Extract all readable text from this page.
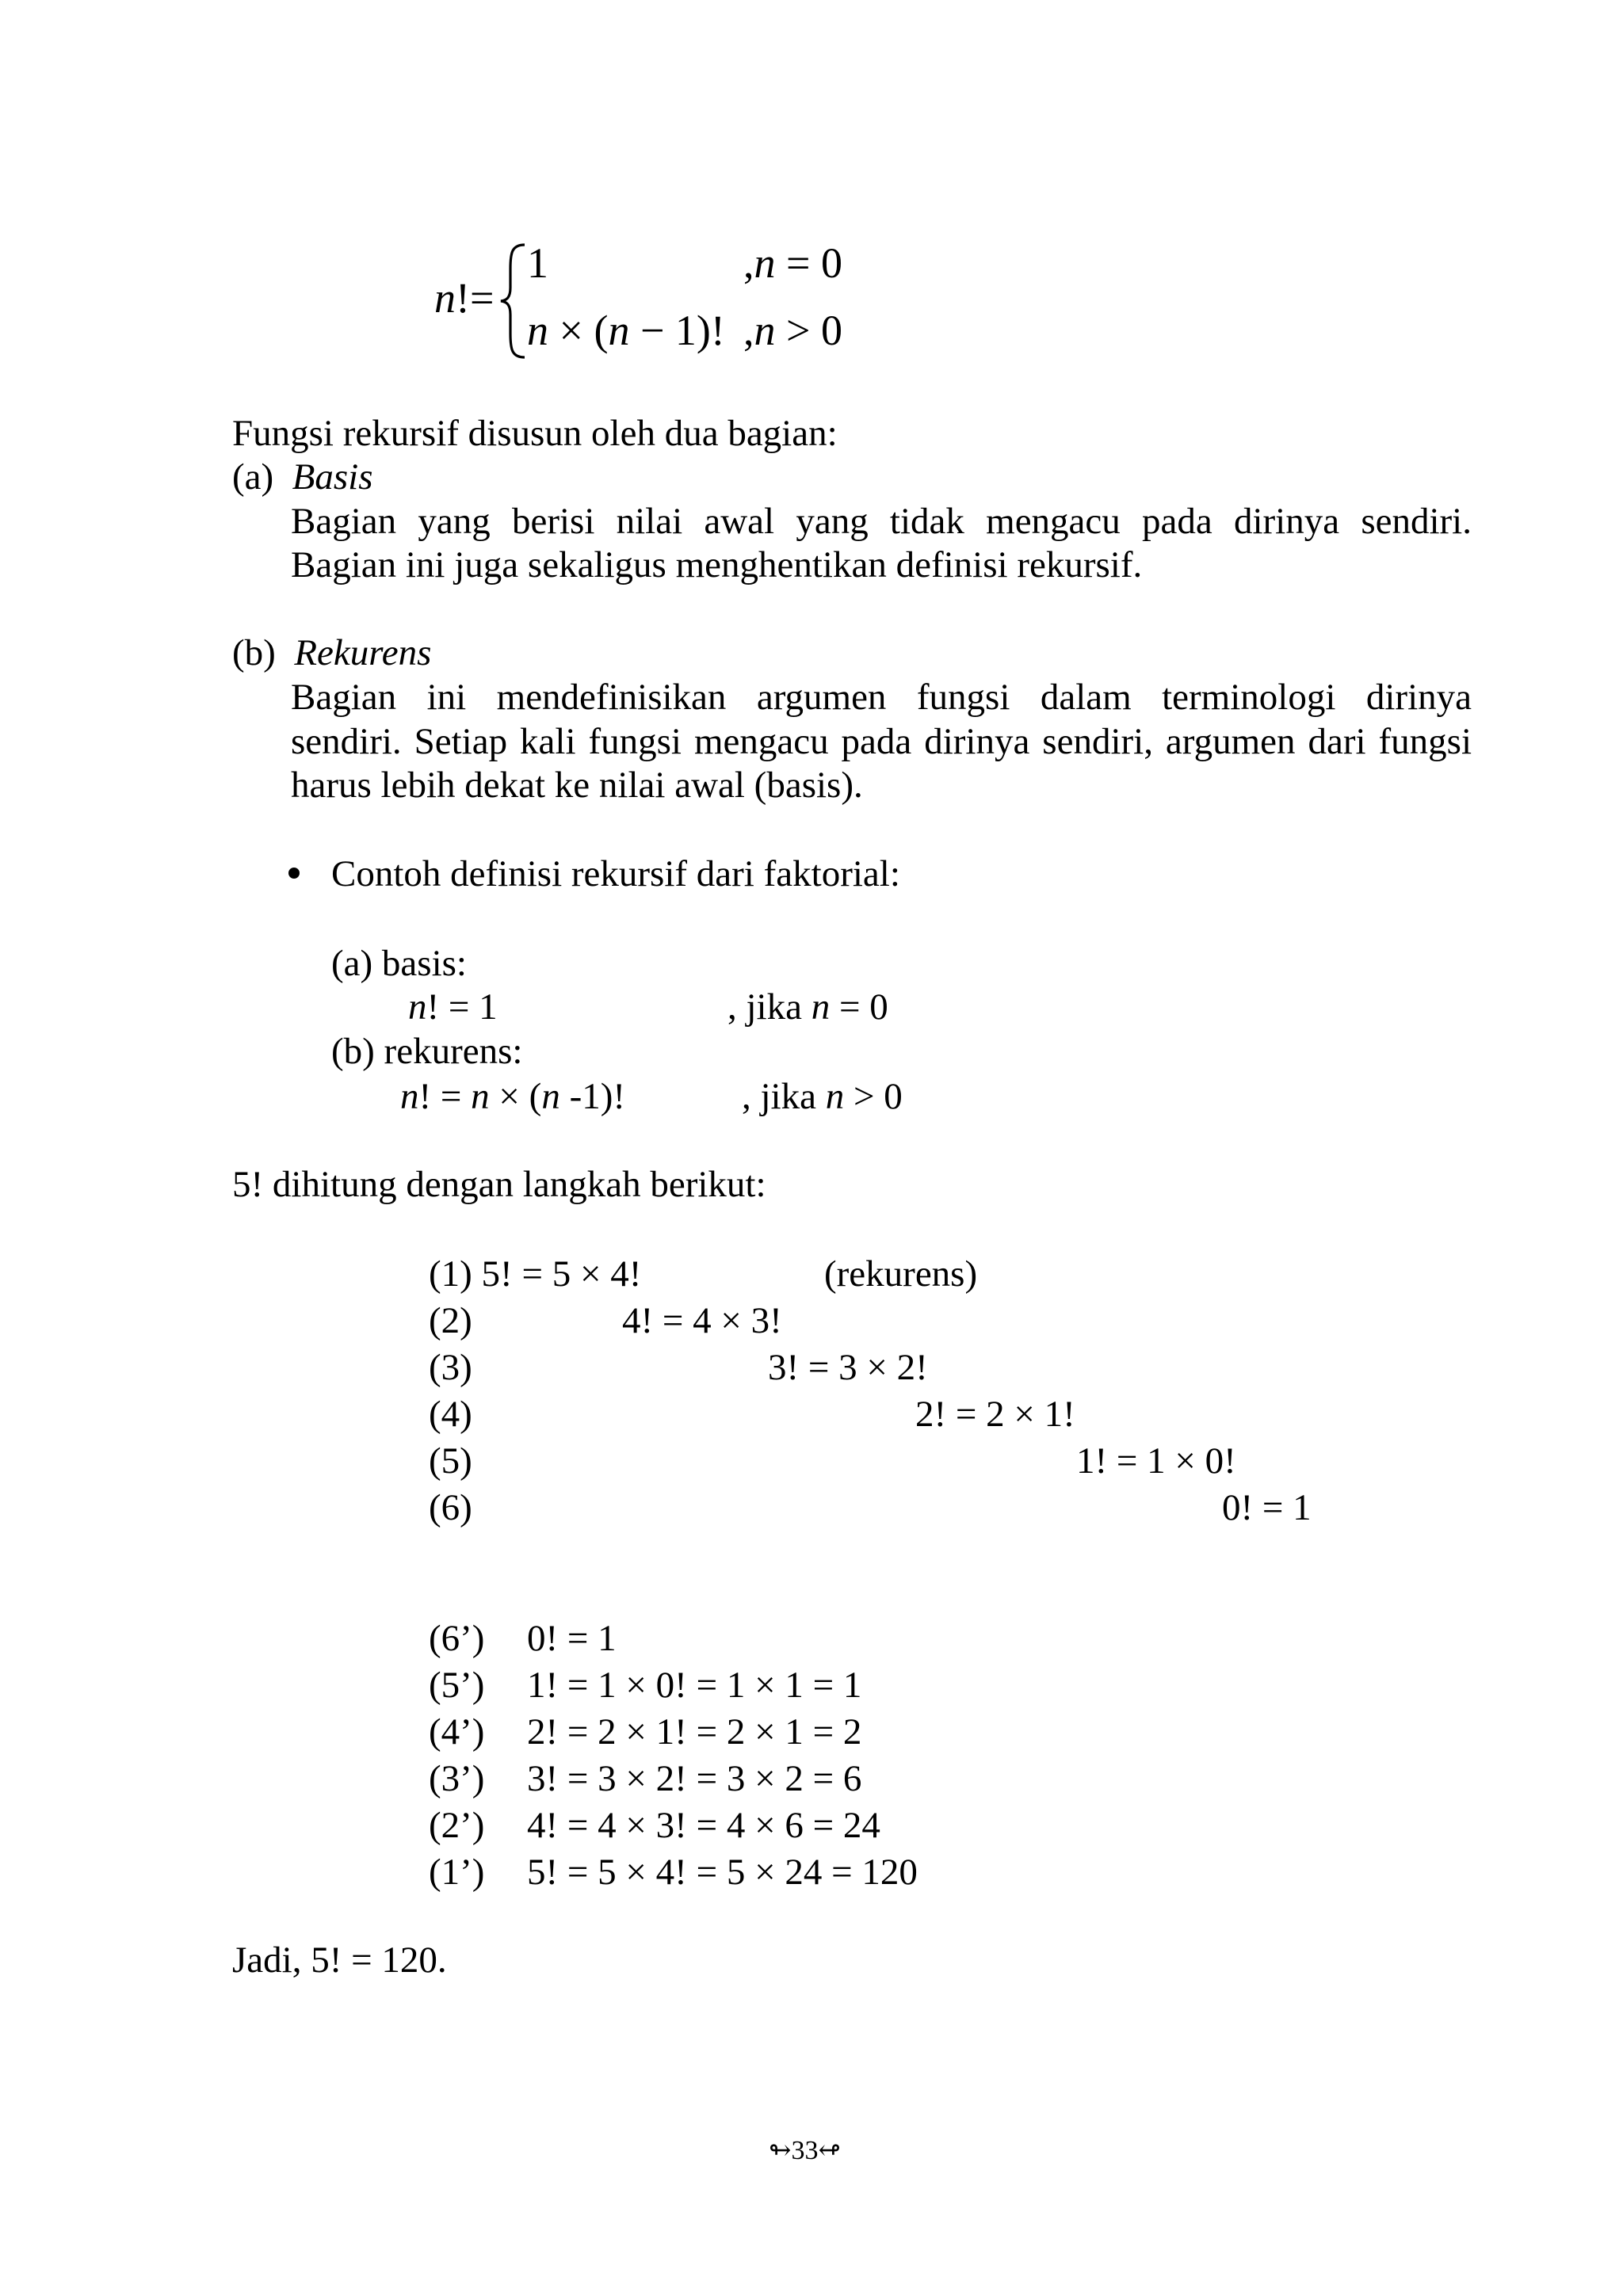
n!=
1	,n = 0
n × (n − 1)! ,n > 0
Fungsi rekursif disusun oleh dua bagian:
(a) Basis
Bagian yang berisi nilai awal yang tidak mengacu pada dirinya sendiri.
Bagian ini juga sekaligus menghentikan definisi rekursif.
(b) Rekurens
Bagian ini mendefinisikan argumen fungsi dalam terminologi dirinya
sendiri. Setiap kali fungsi mengacu pada dirinya sendiri, argumen dari fungsi
harus lebih dekat ke nilai awal (basis).
Contoh definisi rekursif dari faktorial:
(a) basis:
n! = 1	, jika n = 0
(b) rekurens:
n! = n × (n -1)!	, jika n > 0
5! dihitung dengan langkah berikut:
(1) 5! = 5 × 4!	(rekurens)
(2)	4! = 4 × 3!
(3)	3! = 3 × 2!
(4)	2! = 2 × 1!
(5)	1! = 1 × 0!
(6)	0! = 1
(6’) 0! = 1
(5’) 1! = 1 × 0! = 1 × 1 = 1
(4’) 2! = 2 × 1! = 2 × 1 = 2
(3’) 3! = 3 × 2! = 3 × 2 = 6
(2’) 4! = 4 × 3! = 4 × 6 = 24
(1’) 5! = 5 × 4! = 5 × 24 = 120
Jadi, 5! = 120.
↬33↫
